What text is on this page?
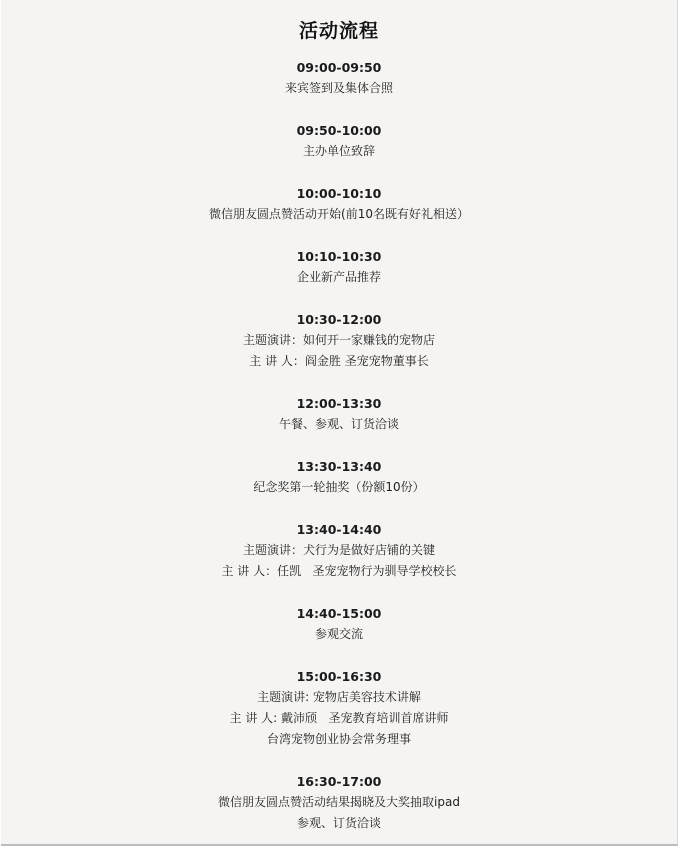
活动流程
09:00-09:50
来宾签到及集体合照
09:50-10:00
主办单位致辞
10:00-10:10
微信朋友圆点赞活动开始(前10名既有好礼相送）
10:10-10:30
企业新产品推荐
10:30-12:00
主题演讲：如何开一家赚钱的宠物店
主 讲 人：阎金胜 圣宠宠物董事长
12:00-13:30
午餐、参观、订货洽谈
13:30-13:40
纪念奖第一轮抽奖（份额10份）
13:40-14:40
主题演讲：犬行为是做好店铺的关键
主 讲 人：任凯   圣宠宠物行为驯导学校校长
14:40-15:00
参观交流
15:00-16:30
主题演讲: 宠物店美容技术讲解
主 讲 人: 戴沛颀   圣宠教育培训首席讲师
台湾宠物创业协会常务理事
16:30-17:00
微信朋友圆点赞活动结果揭晓及大奖抽取ipad
参观、订货洽谈
